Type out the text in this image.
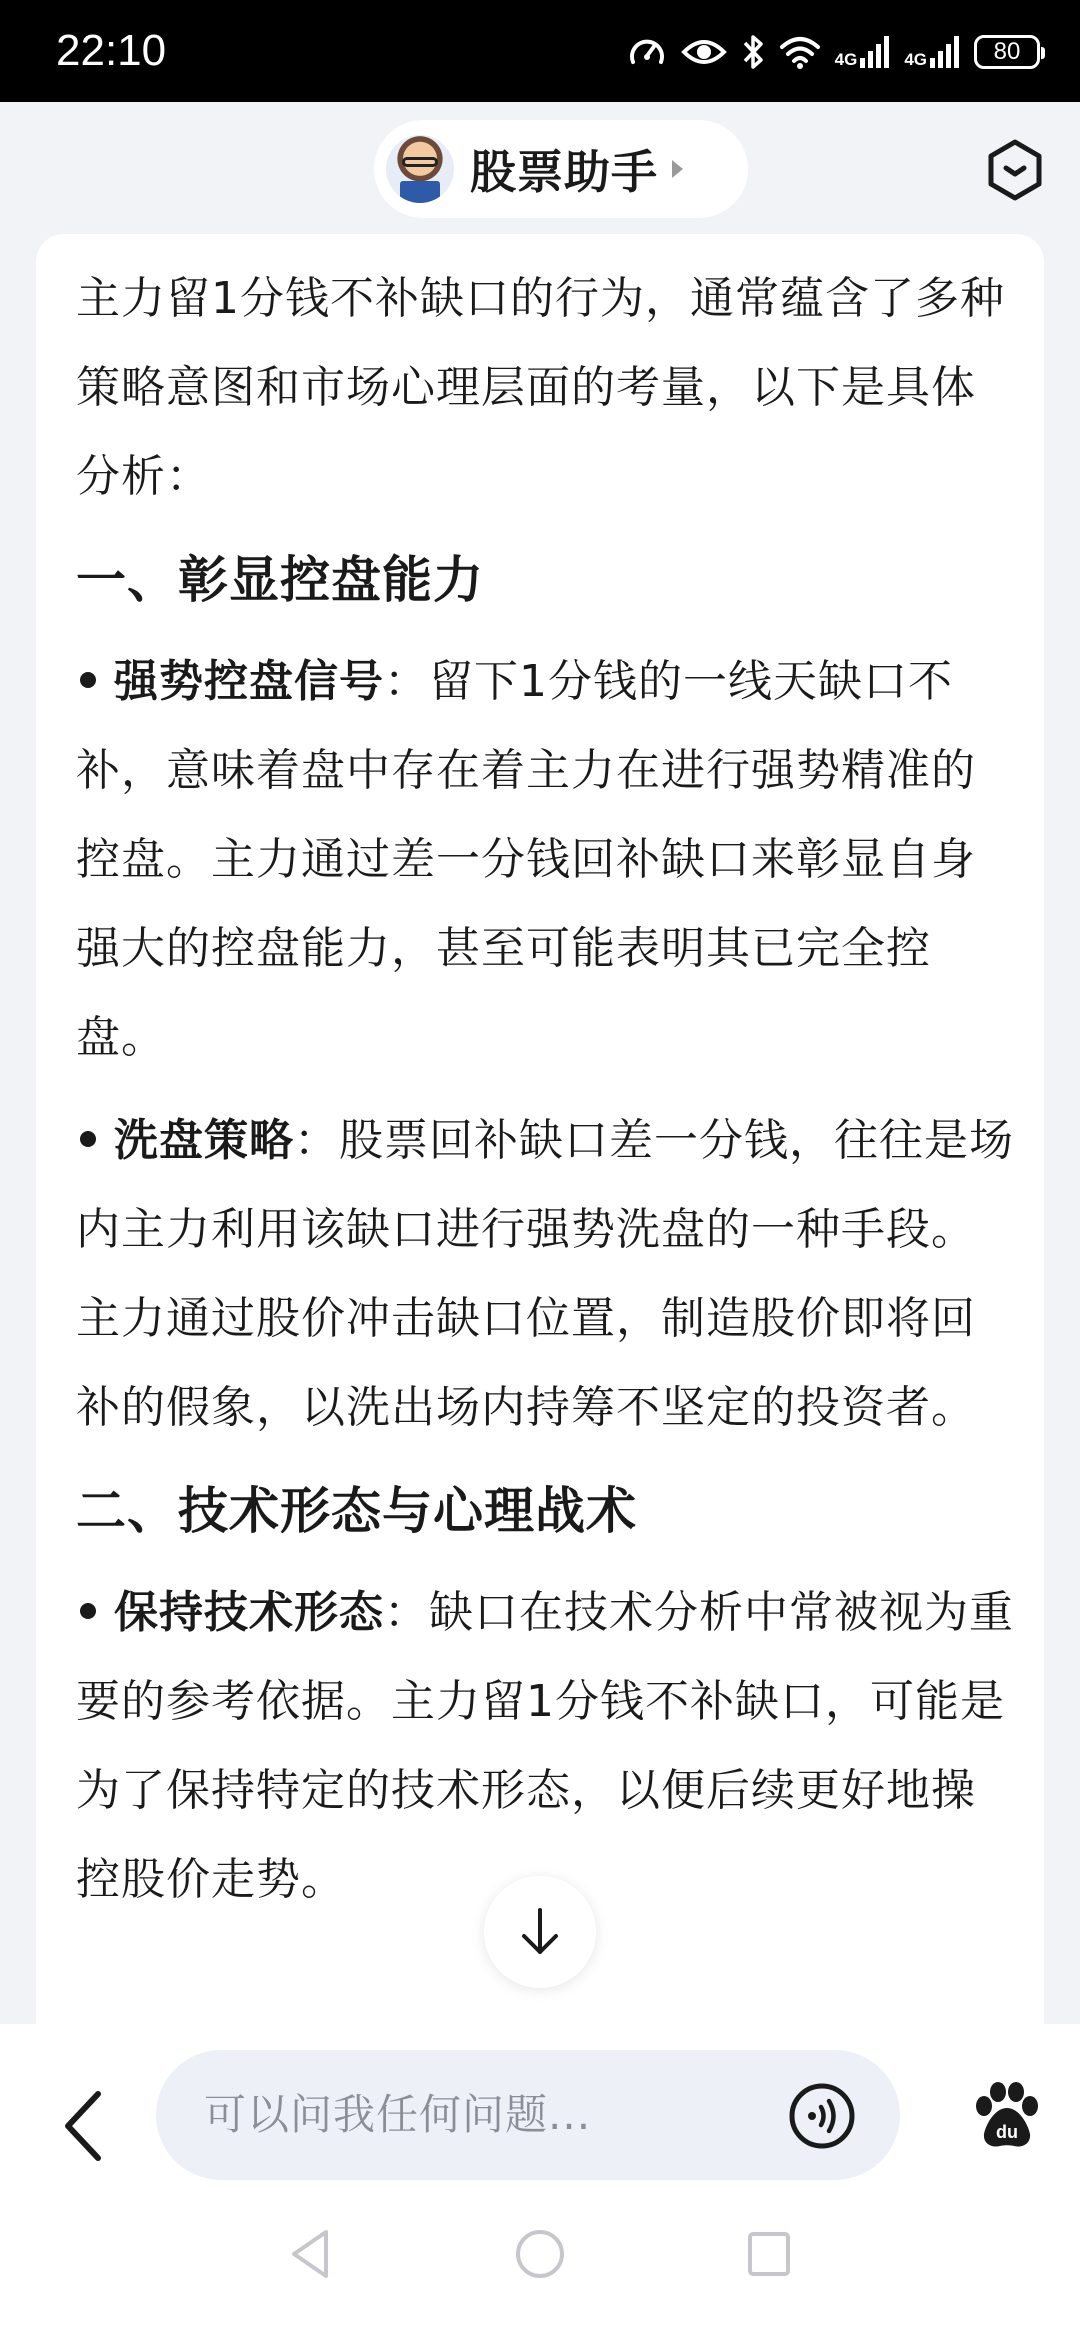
22:10	4G	4G	80
股票助手

主力留1分钱不补缺口的行为，通常蕴含了多种策略意图和市场心理层面的考量，以下是具体分析：

一、彰显控盘能力
强势控盘信号：留下1分钱的一线天缺口不补，意味着盘中存在着主力在进行强势精准的控盘。主力通过差一分钱回补缺口来彰显自身强大的控盘能力，甚至可能表明其已完全控盘。
洗盘策略：股票回补缺口差一分钱，往往是场内主力利用该缺口进行强势洗盘的一种手段。主力通过股价冲击缺口位置，制造股价即将回补的假象，以洗出场内持筹不坚定的投资者。
二、技术形态与心理战术
保持技术形态：缺口在技术分析中常被视为重要的参考依据。主力留1分钱不补缺口，可能是为了保持特定的技术形态，以便后续更好地操控股价走势。
可以问我任何问题...	du
